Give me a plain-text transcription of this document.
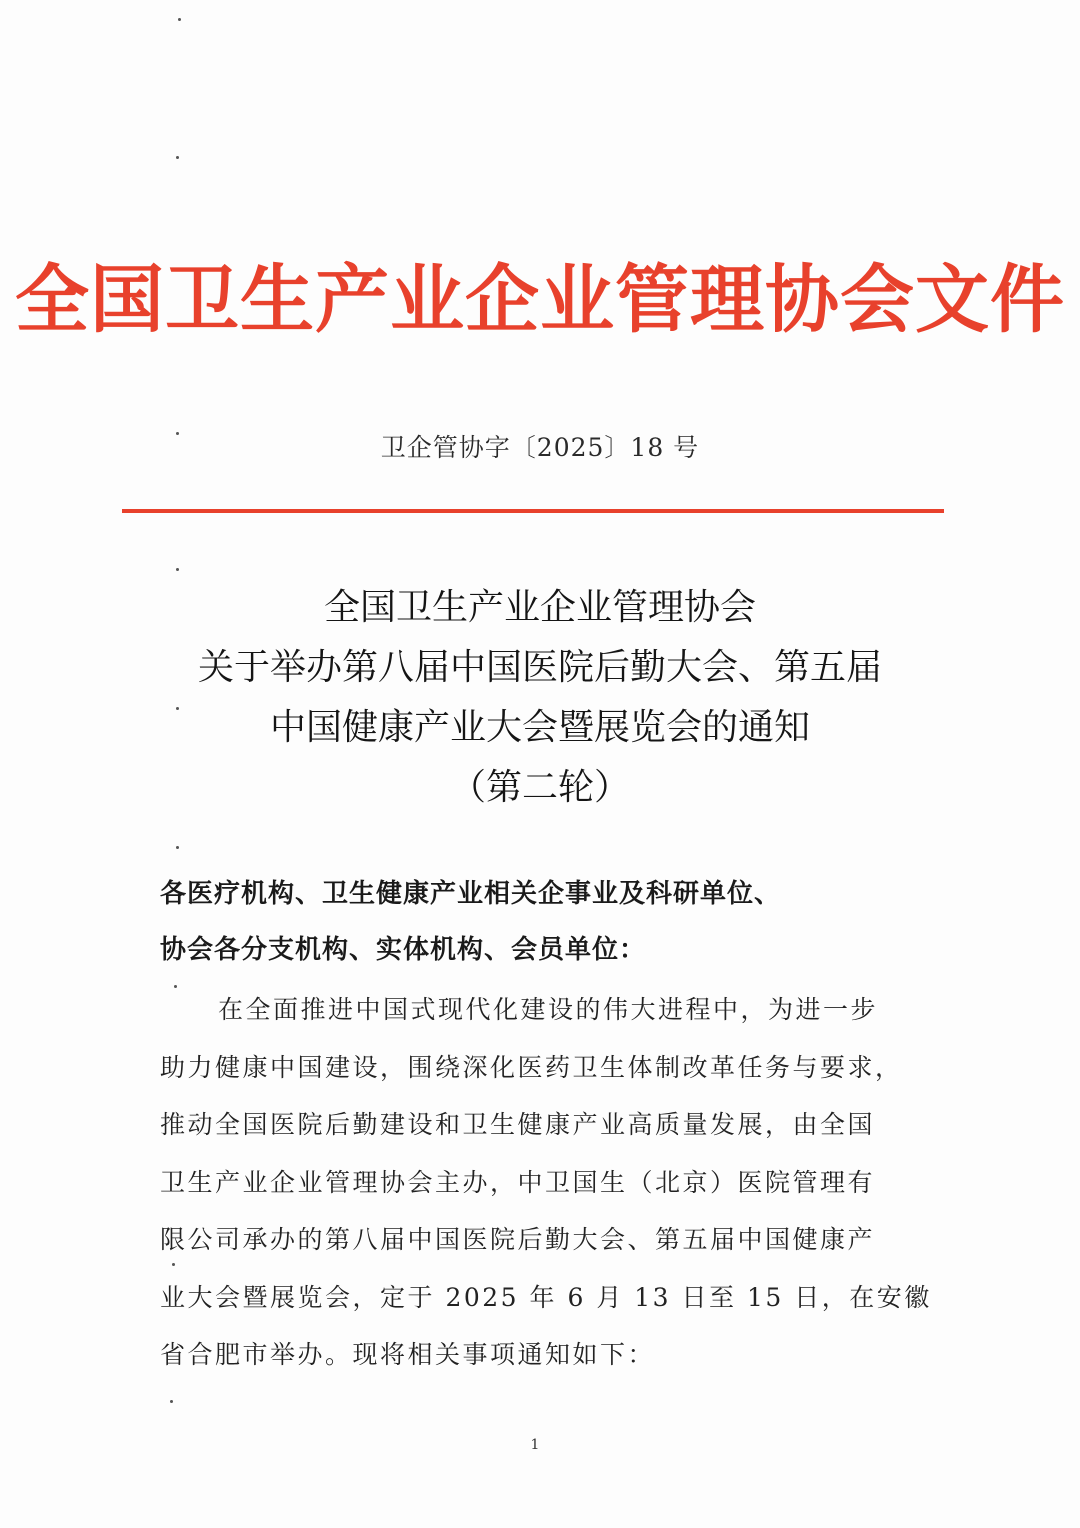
全国卫生产业企业管理协会文件
卫企管协字〔2025〕18 号
全国卫生产业企业管理协会
关于举办第八届中国医院后勤大会、第五届
中国健康产业大会暨展览会的通知
（第二轮）
各医疗机构、卫生健康产业相关企事业及科研单位、
协会各分支机构、实体机构、会员单位：
在全面推进中国式现代化建设的伟大进程中，为进一步
助力健康中国建设，围绕深化医药卫生体制改革任务与要求，
推动全国医院后勤建设和卫生健康产业高质量发展，由全国
卫生产业企业管理协会主办，中卫国生（北京）医院管理有
限公司承办的第八届中国医院后勤大会、第五届中国健康产
业大会暨展览会，定于 2025 年 6 月 13 日至 15 日，在安徽
省合肥市举办。现将相关事项通知如下：
1
